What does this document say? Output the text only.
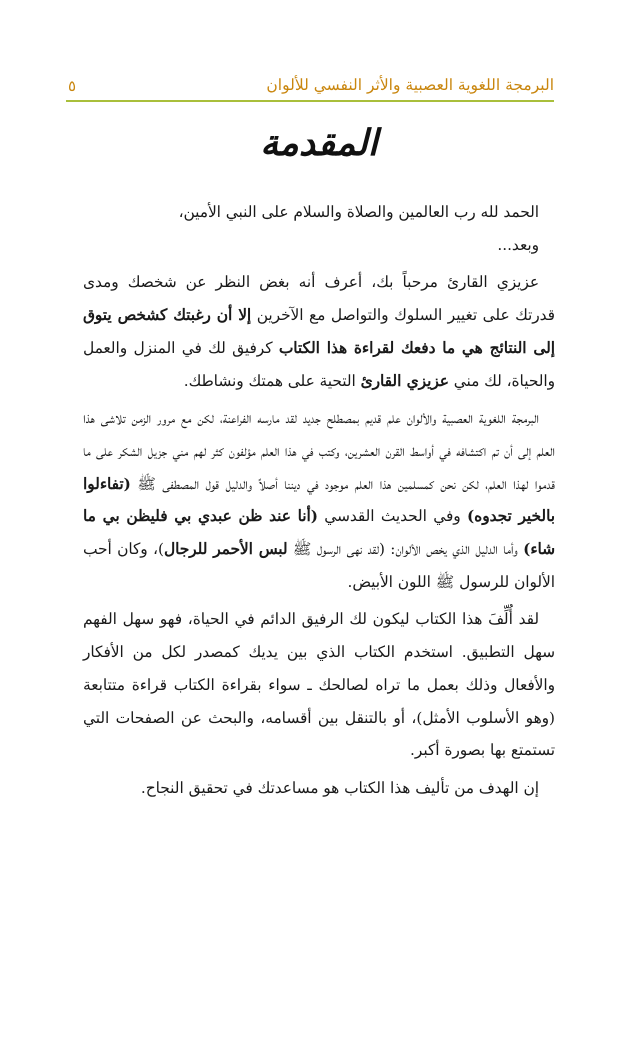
البرمجة اللغوية العصبية والأثر النفسي للألوان
٥
المقدمة

الحمد لله رب العالمين والصلاة والسلام على النبي الأمين،

وبعد...

عزيزي القارئ مرحباً بك، أعرف أنه بغض النظر عن شخصك ومدى قدرتك على تغيير السلوك والتواصل مع الآخرين إلا أن رغبتك كشخص يتوق إلى النتائج هي ما دفعك لقراءة هذا الكتاب كرفيق لك في المنزل والعمل والحياة، لك مني عزيزي القارئ التحية على همتك ونشاطك.

البرمجة اللغوية العصبية والألوان علم قديم بمصطلح جديد لقد مارسه الفراعنة، لكن مع مرور الزمن تلاشى هذا العلم إلى أن تم اكتشافه في أواسط القرن العشرين، وكتب في هذا العلم مؤلفون كثر لهم مني جزيل الشكر على ما قدموا لهذا العلم، لكن نحن كمسلمين هذا العلم موجود في ديننا أصلاً والدليل قول المصطفى ﷺ (تفاءلوا بالخير تجدوه) وفي الحديث القدسي (أنا عند ظن عبدي بي فليظن بي ما شاء) وأما الدليل الذي يخص الألوان: (لقد نهى الرسول ﷺ لبس الأحمر للرجال)، وكان أحب الألوان للرسول ﷺ اللون الأبيض.

لقد أُلِّفَ هذا الكتاب ليكون لك الرفيق الدائم في الحياة، فهو سهل الفهم سهل التطبيق. استخدم الكتاب الذي بين يديك كمصدر لكل من الأفكار والأفعال وذلك بعمل ما تراه لصالحك ـ سواء بقراءة الكتاب قراءة متتابعة (وهو الأسلوب الأمثل)، أو بالتنقل بين أقسامه، والبحث عن الصفحات التي تستمتع بها بصورة أكبر.

إن الهدف من تأليف هذا الكتاب هو مساعدتك في تحقيق النجاح.
